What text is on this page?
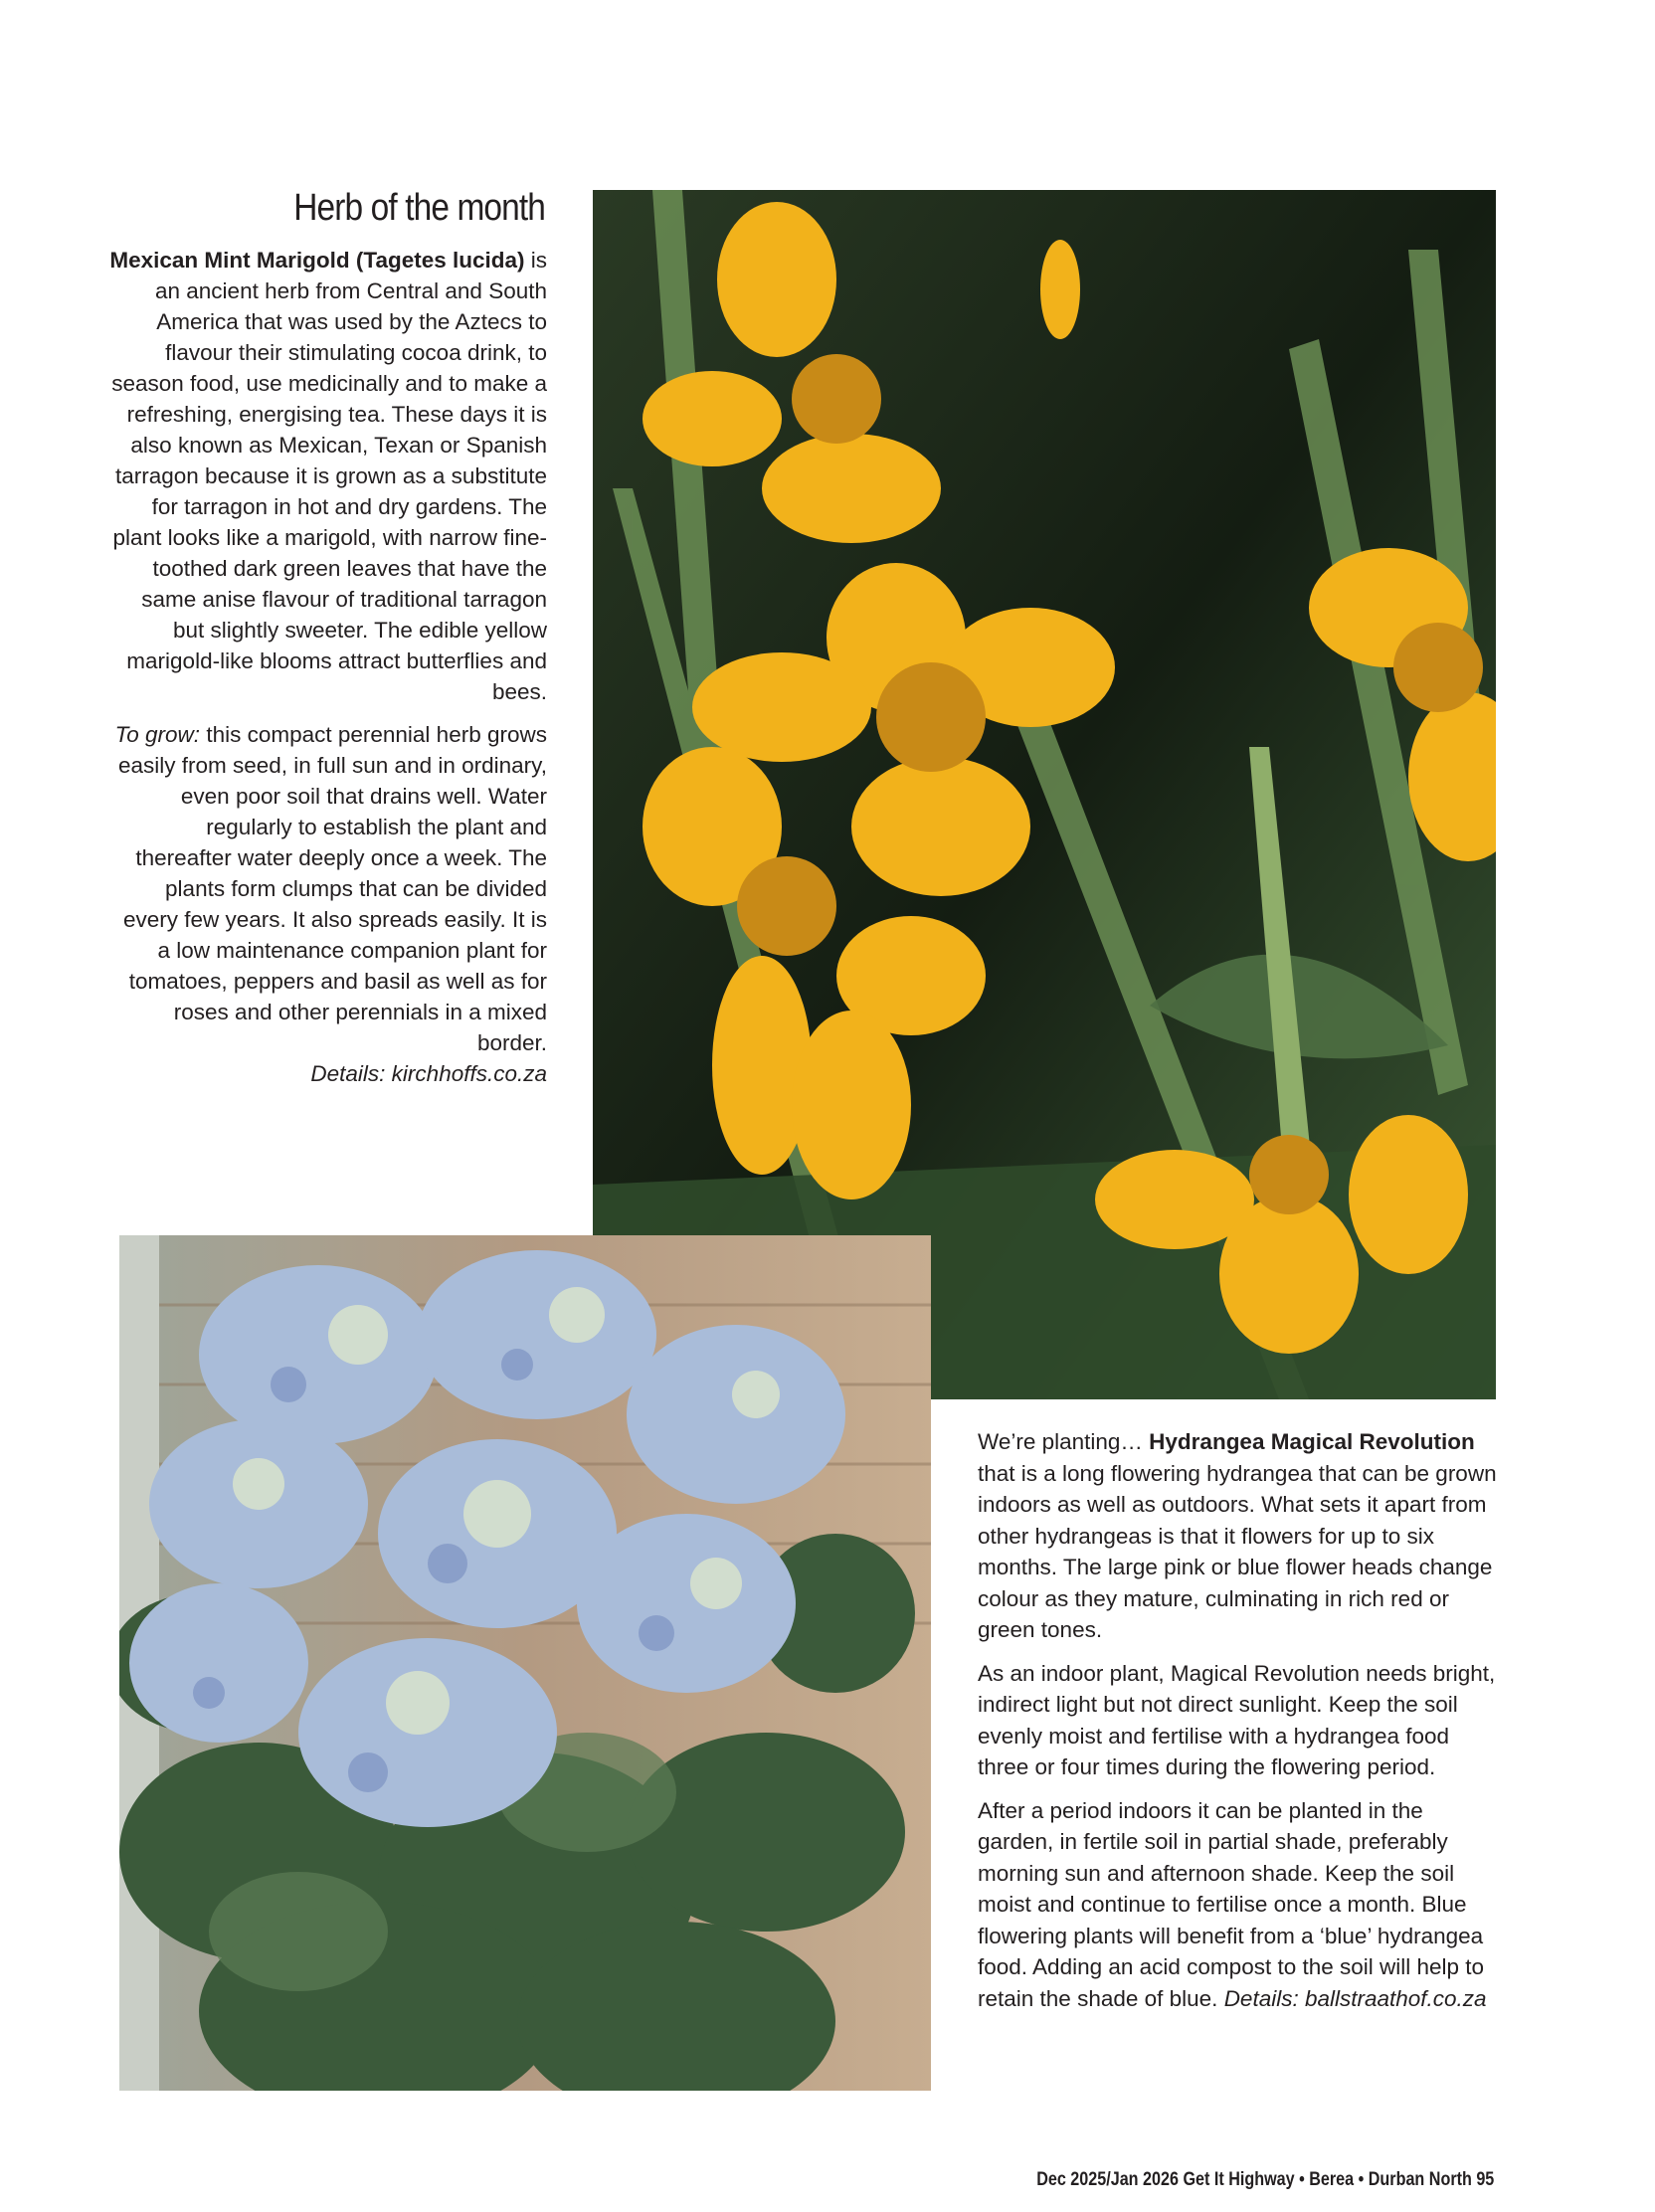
Herb of the month

Mexican Mint Marigold (Tagetes lucida) is an ancient herb from Central and South America that was used by the Aztecs to flavour their stimulating cocoa drink, to season food, use medicinally and to make a refreshing, energising tea. These days it is also known as Mexican, Texan or Spanish tarragon because it is grown as a substitute for tarragon in hot and dry gardens. The plant looks like a marigold, with narrow fine-toothed dark green leaves that have the same anise flavour of traditional tarragon but slightly sweeter. The edible yellow marigold-like blooms attract butterflies and bees.

To grow: this compact perennial herb grows easily from seed, in full sun and in ordinary, even poor soil that drains well. Water regularly to establish the plant and thereafter water deeply once a week. The plants form clumps that can be divided every few years. It also spreads easily. It is a low maintenance companion plant for tomatoes, peppers and basil as well as for roses and other perennials in a mixed border.
Details: kirchhoffs.co.za

We’re planting… Hydrangea Magical Revolution that is a long flowering hydrangea that can be grown indoors as well as outdoors. What sets it apart from other hydrangeas is that it flowers for up to six months. The large pink or blue flower heads change colour as they mature, culminating in rich red or green tones.

As an indoor plant, Magical Revolution needs bright, indirect light but not direct sunlight. Keep the soil evenly moist and fertilise with a hydrangea food three or four times during the flowering period.

After a period indoors it can be planted in the garden, in fertile soil in partial shade, preferably morning sun and afternoon shade. Keep the soil moist and continue to fertilise once a month. Blue flowering plants will benefit from a ‘blue’ hydrangea food. Adding an acid compost to the soil will help to retain the shade of blue. Details: ballstraathof.co.za

Dec 2025/Jan 2026 Get It Highway • Berea • Durban North 95
